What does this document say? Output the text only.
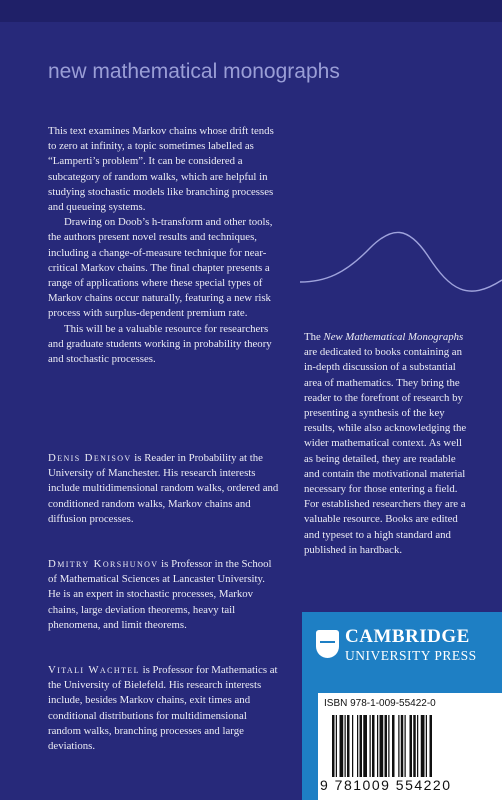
new mathematical monographs

This text examines Markov chains whose drift tends to zero at infinity, a topic sometimes labelled as “Lamperti’s problem”. It can be considered a subcategory of random walks, which are helpful in studying stochastic models like branching processes and queueing systems.

Drawing on Doob’s h-transform and other tools, the authors present novel results and techniques, including a change-of-measure technique for near-critical Markov chains. The final chapter presents a range of applications where these special types of Markov chains occur naturally, featuring a new risk process with surplus-dependent premium rate.

This will be a valuable resource for researchers and graduate students working in probability theory and stochastic processes.

Denis Denisov is Reader in Probability at the University of Manchester. His research interests include multidimensional random walks, ordered and conditioned random walks, Markov chains and diffusion processes.
Dmitry Korshunov is Professor in the School of Mathematical Sciences at Lancaster University. He is an expert in stochastic processes, Markov chains, large deviation theorems, heavy tail phenomena, and limit theorems.
Vitali Wachtel is Professor for Mathematics at the University of Bielefeld. His research interests include, besides Markov chains, exit times and conditional distributions for multidimensional random walks, branching processes and large deviations.
The New Mathematical Monographs are dedicated to books containing an in-depth discussion of a substantial area of mathematics. They bring the reader to the forefront of research by presenting a synthesis of the key results, while also acknowledging the wider mathematical context. As well as being detailed, they are readable and contain the motivational material necessary for those entering a field. For established researchers they are a valuable resource. Books are edited and typeset to a high standard and published in hardback.
CAMBRIDGE
UNIVERSITY PRESS
ISBN 978-1-009-55422-0
9 781009 554220
